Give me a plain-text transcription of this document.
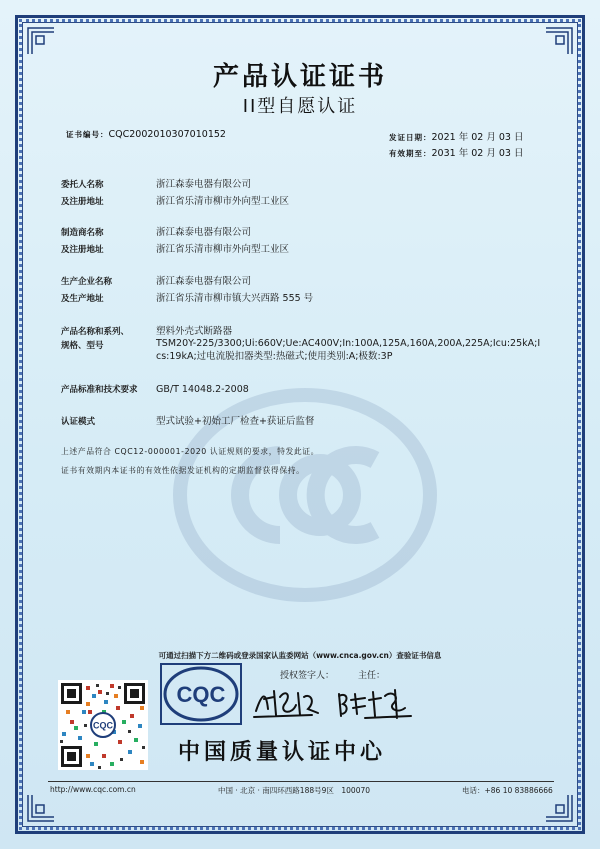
产品认证证书
II型自愿认证
证书编号：CQC2002010307010152	发证日期：2021 年 02 月 03 日
有效期至：2031 年 02 月 03 日
委托人名称	浙江森泰电器有限公司
及注册地址	浙江省乐清市柳市外向型工业区
制造商名称	浙江森泰电器有限公司
及注册地址	浙江省乐清市柳市外向型工业区
生产企业名称	浙江森泰电器有限公司
及生产地址	浙江省乐清市柳市镇大兴西路 555 号
产品名称和系列、	塑料外壳式断路器
规格、型号	TSM20Y-225/3300;Ui:660V;Ue:AC400V;In:100A,125A,160A,200A,225A;Icu:25kA;Ics:19kA;过电流脱扣器类型:热磁式;使用类别:A;极数:3P
产品标准和技术要求 GB/T 14048.2-2008
认证模式	型式试验+初始工厂检查+获证后监督
上述产品符合 CQC12-000001-2020 认证规则的要求，特发此证。
证书有效期内本证书的有效性依据发证机构的定期监督获得保持。
可通过扫描下方二维码或登录国家认监委网站（www.cnca.gov.cn）查验证书信息
CQC
CQC
授权签字人：	主任：
中国质量认证中心
http://www.cqc.com.cn	中国 · 北京 · 南四环西路188号9区　100070	电话：+86 10 83886666
